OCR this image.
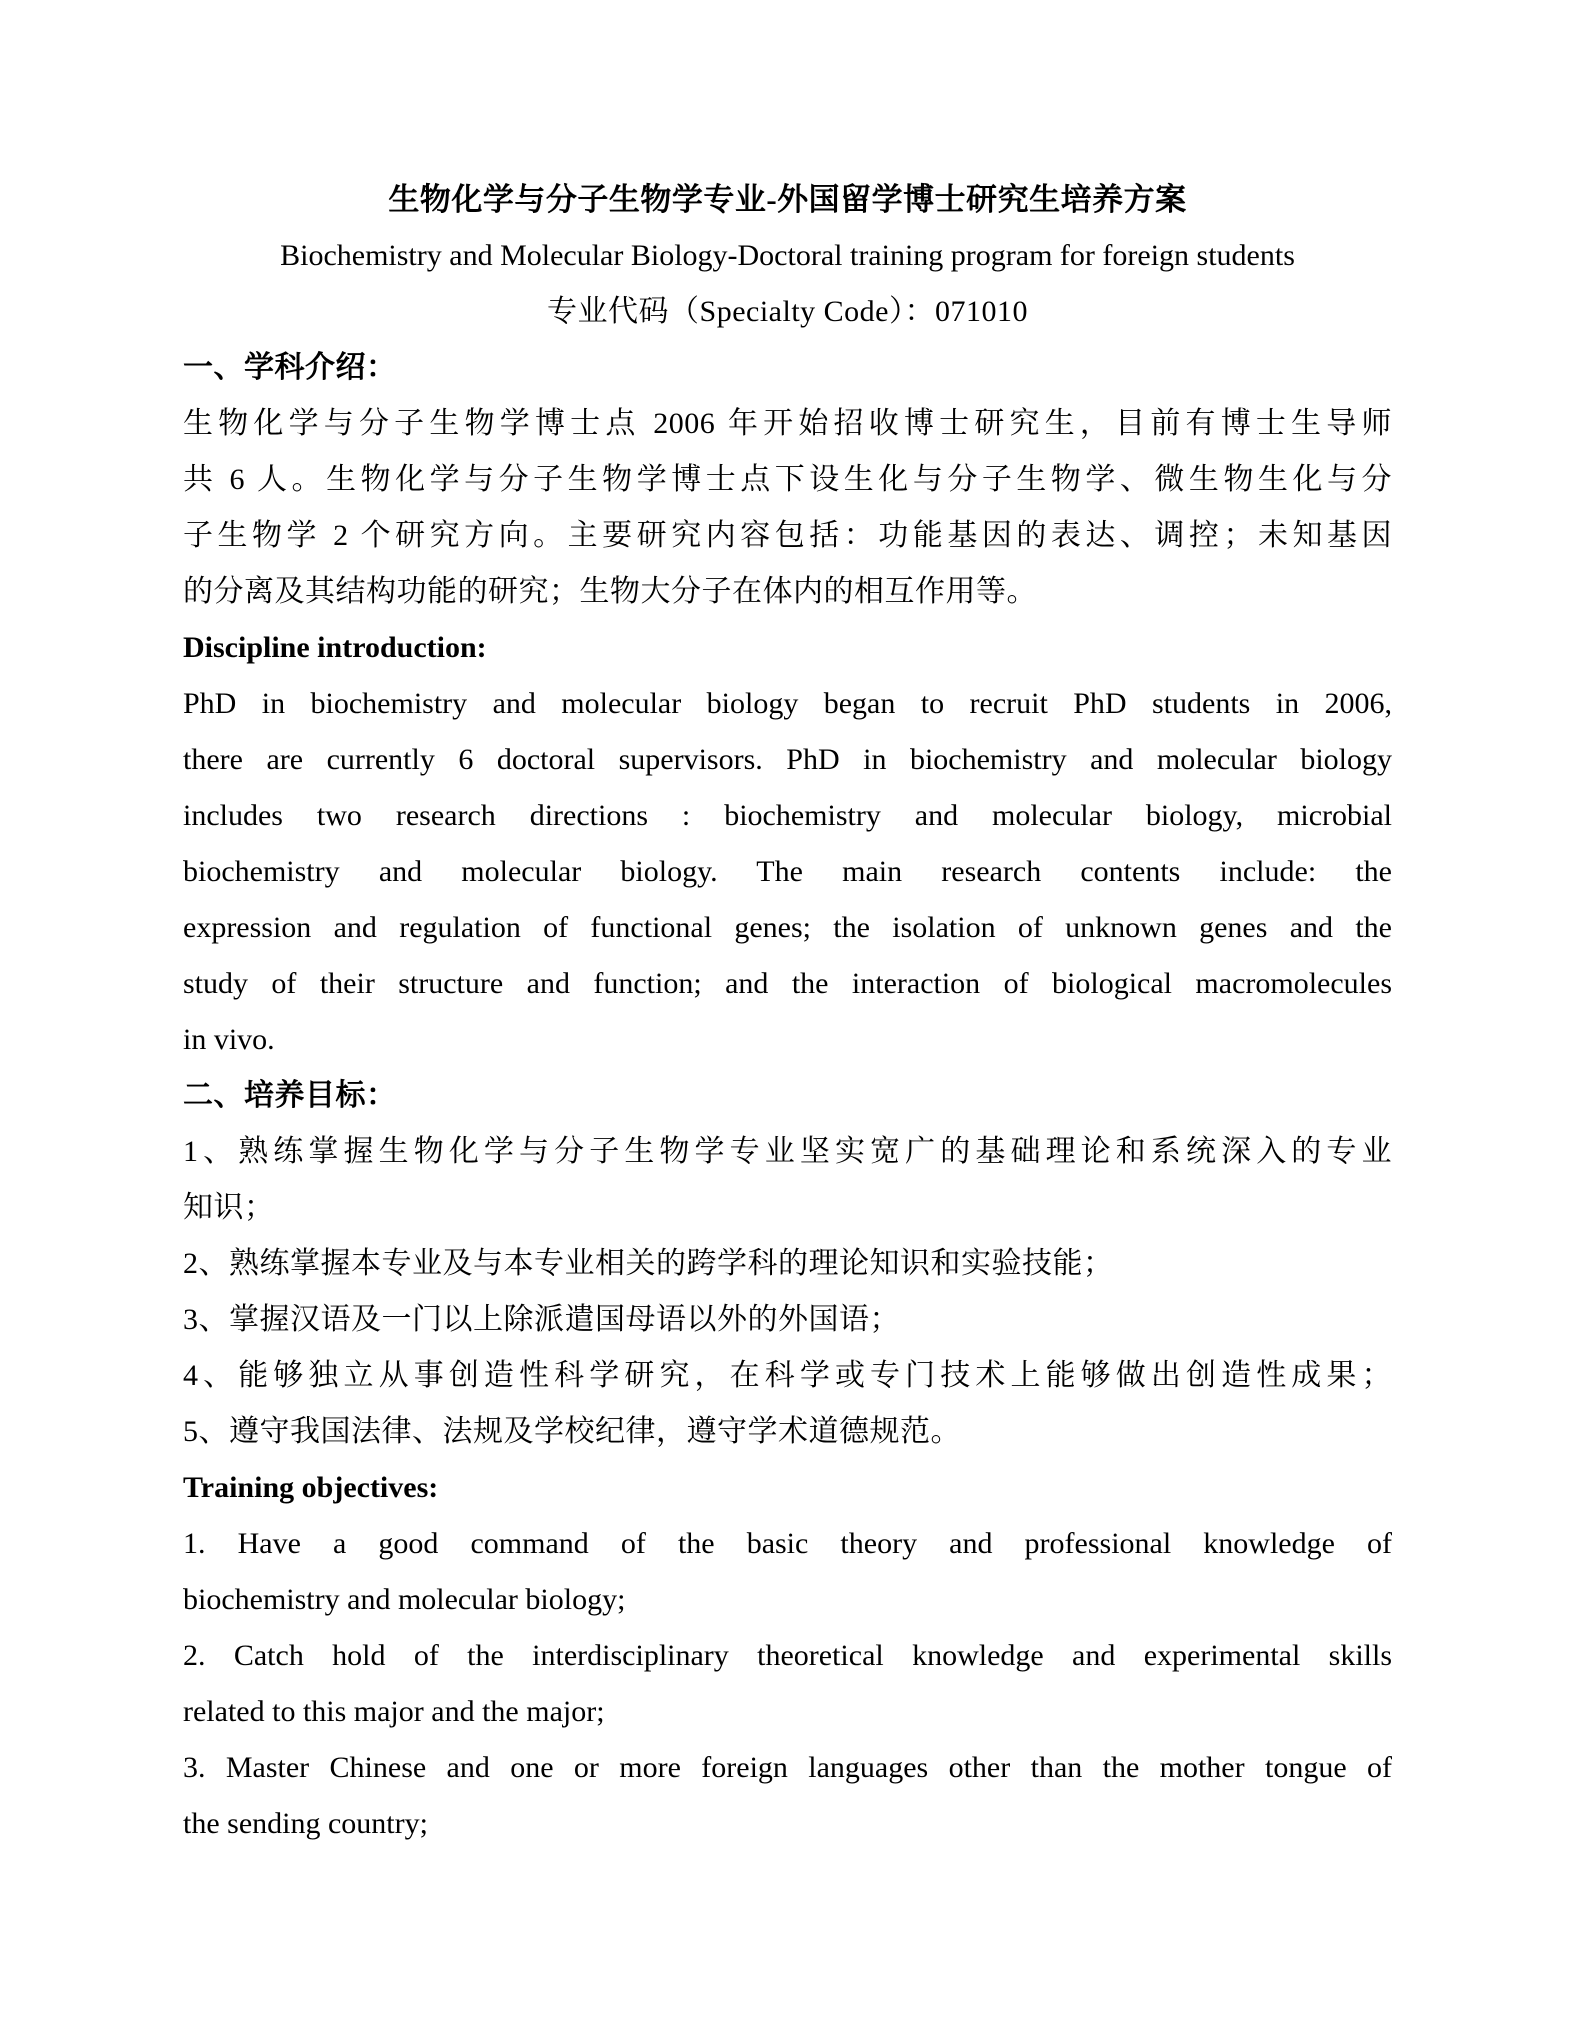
生物化学与分子生物学专业-外国留学博士研究生培养方案
Biochemistry and Molecular Biology-Doctoral training program for foreign students
专业代码（Specialty Code）：071010
一、学科介绍：
生物化学与分子生物学博士点 2006 年开始招收博士研究生，目前有博士生导师
共 6 人。生物化学与分子生物学博士点下设生化与分子生物学、微生物生化与分
子生物学 2 个研究方向。主要研究内容包括：功能基因的表达、调控；未知基因
的分离及其结构功能的研究；生物大分子在体内的相互作用等。
Discipline introduction:
PhD in biochemistry and molecular biology began to recruit PhD students in 2006,
there are currently 6 doctoral supervisors. PhD in biochemistry and molecular biology
includes two research directions : biochemistry and molecular biology, microbial
biochemistry and molecular biology. The main research contents include: the
expression and regulation of functional genes; the isolation of unknown genes and the
study of their structure and function; and the interaction of biological macromolecules
in vivo.
二、培养目标：
1、熟练掌握生物化学与分子生物学专业坚实宽广的基础理论和系统深入的专业
知识；
2、熟练掌握本专业及与本专业相关的跨学科的理论知识和实验技能；
3、掌握汉语及一门以上除派遣国母语以外的外国语；
4、能够独立从事创造性科学研究，在科学或专门技术上能够做出创造性成果；
5、遵守我国法律、法规及学校纪律，遵守学术道德规范。
Training objectives:
1. Have a good command of the basic theory and professional knowledge of
biochemistry and molecular biology;
2. Catch hold of the interdisciplinary theoretical knowledge and experimental skills
related to this major and the major;
3. Master Chinese and one or more foreign languages other than the mother tongue of
the sending country;
